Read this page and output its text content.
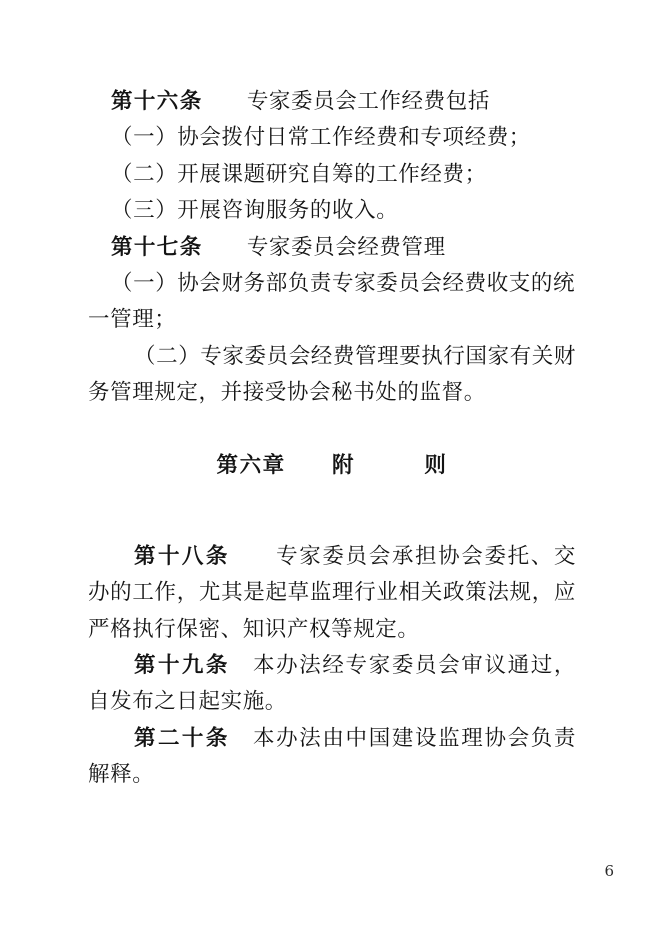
第十六条　　 专家委员会工作经费包括

（一）协会拨付日常工作经费和专项经费；

（二）开展课题研究自筹的工作经费；

（三）开展咨询服务的收入。

第十七条　　 专家委员会经费管理

（一）协会财务部负责专家委员会经费收支的统一管理；

（二）专家委员会经费管理要执行国家有关财务管理规定，并接受协会秘书处的监督。

第六章　　附　　　则

第十八条　　 专家委员会承担协会委托、交办的工作，尤其是起草监理行业相关政策法规，应严格执行保密、知识产权等规定。

第十九条　 本办法经专家委员会审议通过，自发布之日起实施。

第二十条　 本办法由中国建设监理协会负责解释。

6
